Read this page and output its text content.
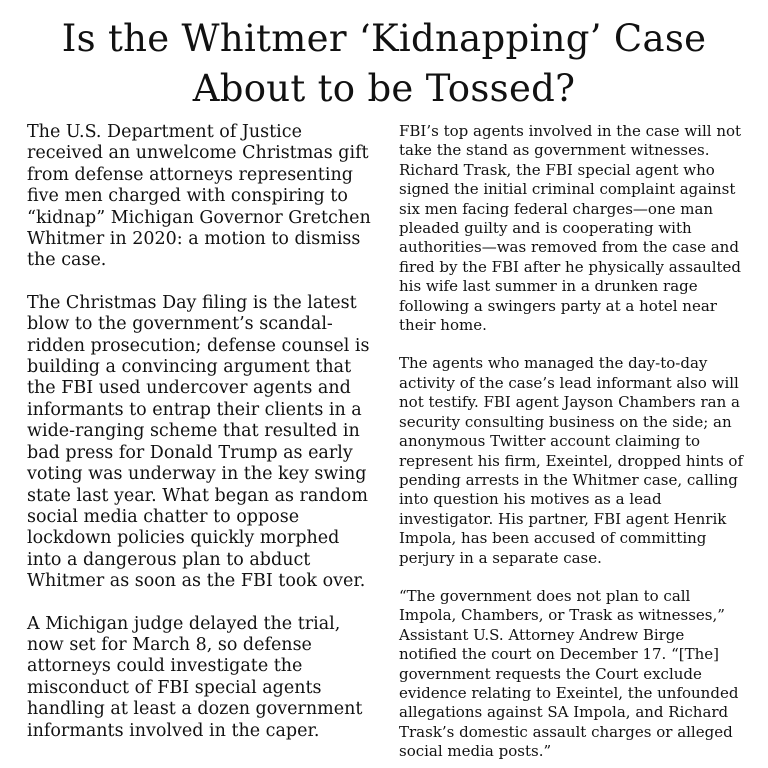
Is the Whitmer ‘Kidnapping’ Case About to be Tossed?

The U.S. Department of Justice received an unwelcome Christmas gift from defense attorneys representing five men charged with conspiring to “kidnap” Michigan Governor Gretchen Whitmer in 2020: a motion to dismiss the case.

The Christmas Day filing is the latest blow to the government’s scandal-ridden prosecution; defense counsel is building a convincing argument that the FBI used undercover agents and informants to entrap their clients in a wide-ranging scheme that resulted in bad press for Donald Trump as early voting was underway in the key swing state last year. What began as random social media chatter to oppose lockdown policies quickly morphed into a dangerous plan to abduct Whitmer as soon as the FBI took over.

A Michigan judge delayed the trial, now set for March 8, so defense attorneys could investigate the misconduct of FBI special agents handling at least a dozen government informants involved in the caper.

FBI’s top agents involved in the case will not take the stand as government witnesses. Richard Trask, the FBI special agent who signed the initial criminal complaint against six men facing federal charges—one man pleaded guilty and is cooperating with authorities—was removed from the case and fired by the FBI after he physically assaulted his wife last summer in a drunken rage following a swingers party at a hotel near their home.

The agents who managed the day-to-day activity of the case’s lead informant also will not testify. FBI agent Jayson Chambers ran a security consulting business on the side; an anonymous Twitter account claiming to represent his firm, Exeintel, dropped hints of pending arrests in the Whitmer case, calling into question his motives as a lead investigator. His partner, FBI agent Henrik Impola, has been accused of committing perjury in a separate case.

“The government does not plan to call Impola, Chambers, or Trask as witnesses,” Assistant U.S. Attorney Andrew Birge notified the court on December 17. “[The] government requests the Court exclude evidence relating to Exeintel, the unfounded allegations against SA Impola, and Richard Trask’s domestic assault charges or alleged social media posts.”
